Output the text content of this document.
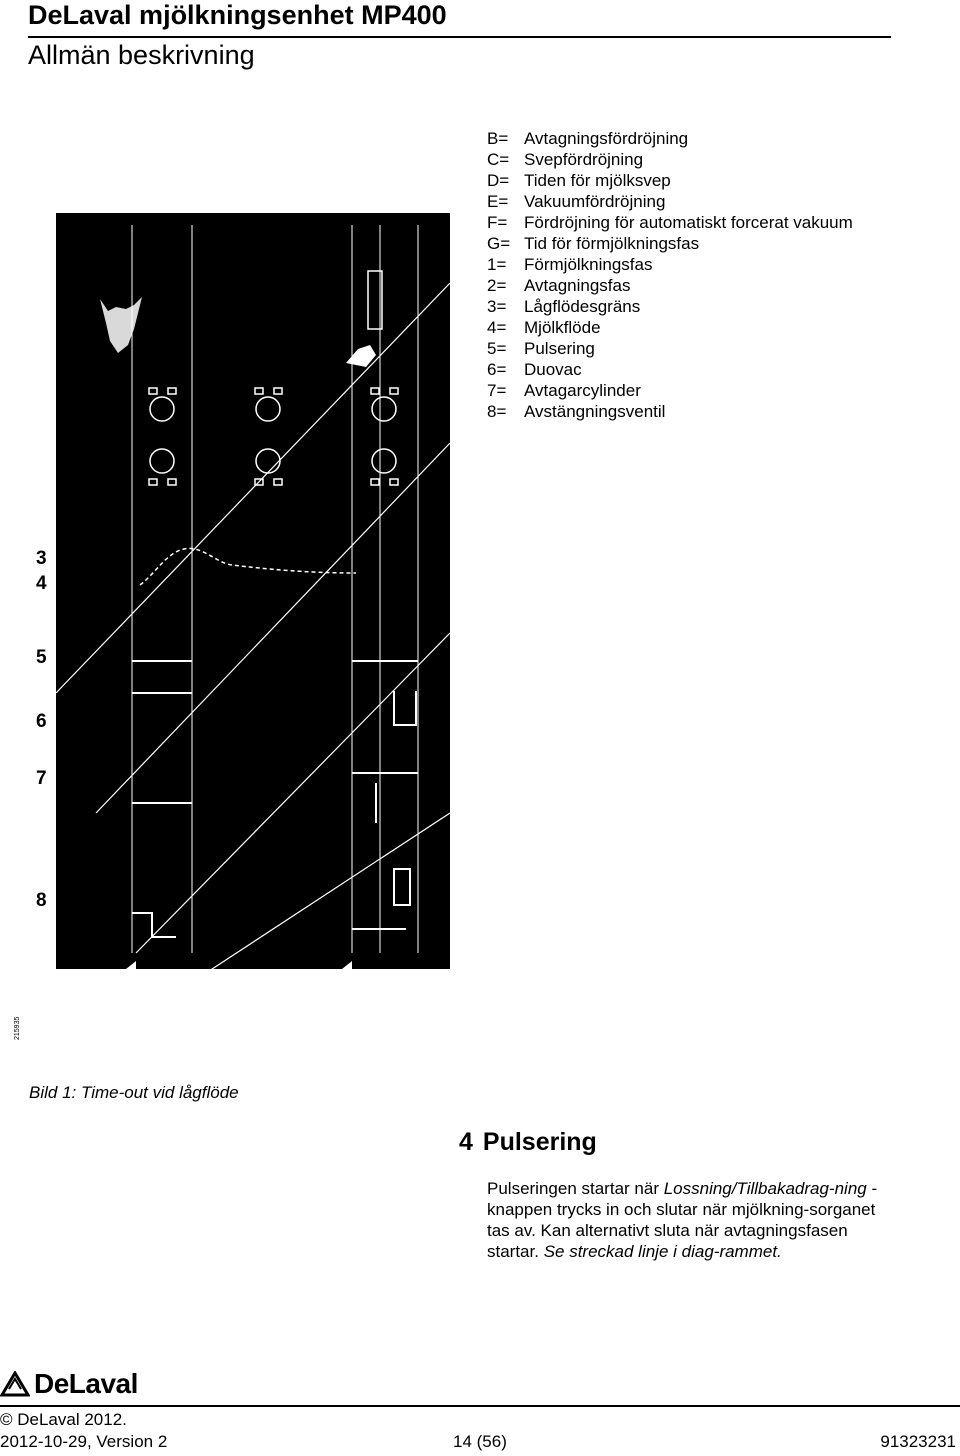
DeLaval mjölkningsenhet MP400
Allmän beskrivning
B= Avtagningsfördröjning
C= Svepfördröjning
D= Tiden för mjölksvep
E= Vakuumfördröjning
F= Fördröjning för automatiskt forcerat vakuum
G= Tid för förmjölkningsfas
1=	Förmjölkningsfas
2=	Avtagningsfas
3=	Lågflödesgräns
4=	Mjölkflöde
5=	Pulsering
6=	Duovac
7=	Avtagarcylinder
8=	Avstängningsventil
3
4
5
6
7
8
215935
Bild 1: Time-out vid lågflöde
4 Pulsering
Pulseringen startar när Lossning/Tillbakadrag-ning -knappen trycks in och slutar när mjölkning-sorganet tas av. Kan alternativt sluta när avtagningsfasen startar. Se streckad linje i diag-rammet.
DeLaval
© DeLaval 2012.
2012-10-29, Version 2	14 (56)	91323231
